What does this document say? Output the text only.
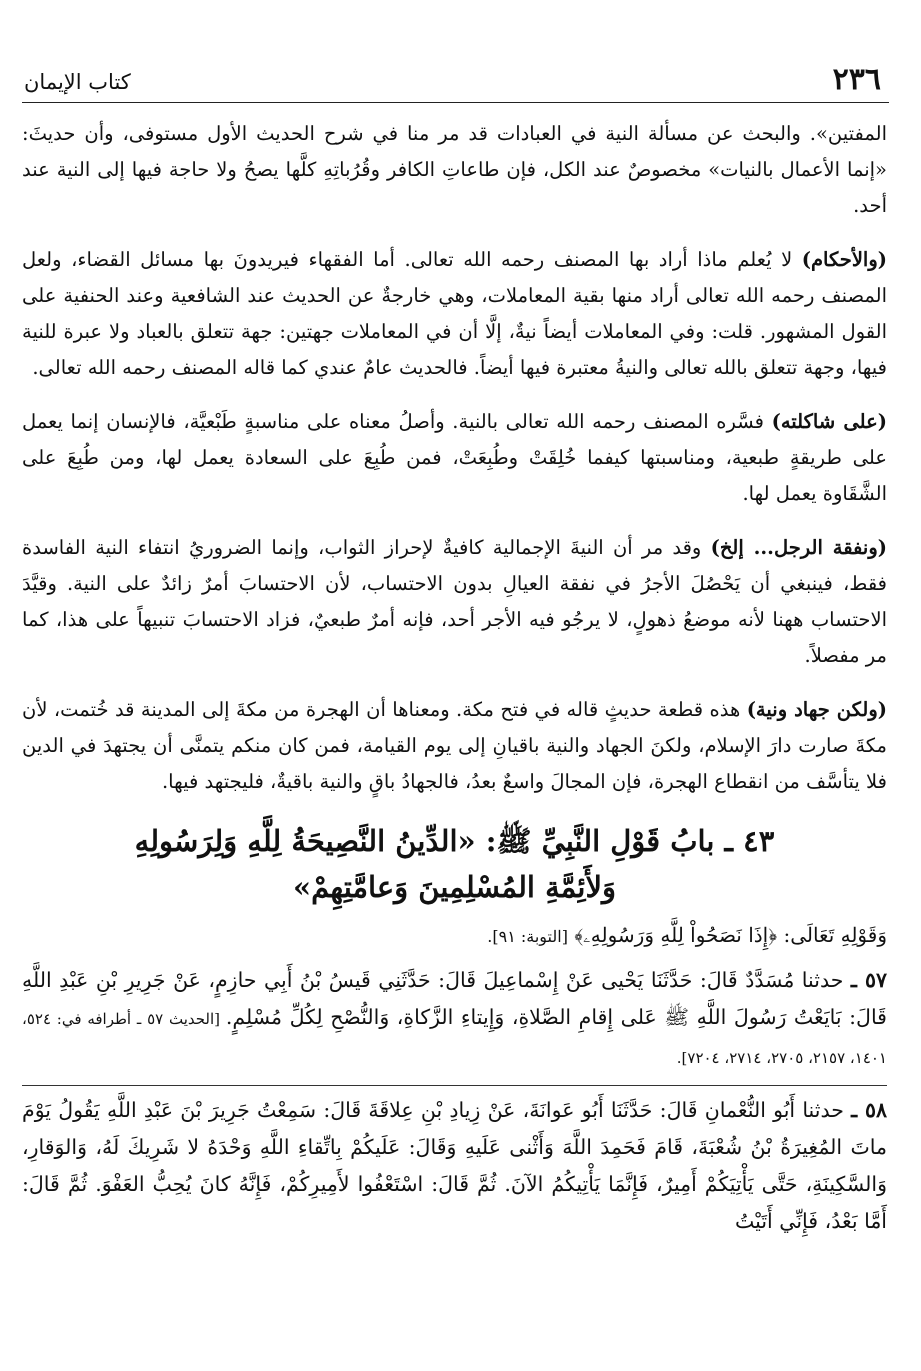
٢٣٦
كتاب الإيمان

المفتين». والبحث عن مسألة النية في العبادات قد مر منا في شرح الحديث الأول مستوفى، وأن حديثَ: «إنما الأعمال بالنيات» مخصوصٌ عند الكل، فإن طاعاتِ الكافر وقُرُباتِهِ كلَّها يصحُ ولا حاجة فيها إلى النية عند أحد.

(والأحكام) لا يُعلم ماذا أراد بها المصنف رحمه الله تعالى. أما الفقهاء فيريدونَ بها مسائل القضاء، ولعل المصنف رحمه الله تعالى أراد منها بقية المعاملات، وهي خارجةٌ عن الحديث عند الشافعية وعند الحنفية على القول المشهور. قلت: وفي المعاملات أيضاً نيةٌ، إلَّا أن في المعاملات جهتين: جهة تتعلق بالعباد ولا عبرة للنية فيها، وجهة تتعلق بالله تعالى والنيةُ معتبرة فيها أيضاً. فالحديث عامٌ عندي كما قاله المصنف رحمه الله تعالى.

(على شاكلته) فسَّره المصنف رحمه الله تعالى بالنية. وأصلُ معناه على مناسبةٍ طَبْعيَّة، فالإنسان إنما يعمل على طريقةٍ طبعية، ومناسبتها كيفما خُلِقَتْ وطُبِعَتْ، فمن طُبِعَ على السعادة يعمل لها، ومن طُبِعَ على الشَّقَاوة يعمل لها.

(ونفقة الرجل... إلخ) وقد مر أن النيةَ الإجمالية كافيةٌ لإحراز الثواب، وإنما الضروريُ انتفاء النية الفاسدة فقط، فينبغي أن يَحْصُلَ الأجرُ في نفقة العيالِ بدون الاحتساب، لأن الاحتسابَ أمرٌ زائدٌ على النية. وقيَّدَ الاحتساب ههنا لأنه موضعُ ذهولٍ، لا يرجُو فيه الأجر أحد، فإنه أمرٌ طبعيٌ، فزاد الاحتسابَ تنبيهاً على هذا، كما مر مفصلاً.

(ولكن جهاد ونية) هذه قطعة حديثٍ قاله في فتح مكة. ومعناها أن الهجرة من مكةَ إلى المدينة قد خُتمت، لأن مكةَ صارت دارَ الإسلام، ولكنَ الجهاد والنية باقيانِ إلى يوم القيامة، فمن كان منكم يتمنَّى أن يجتهدَ في الدين فلا يتأسَّف من انقطاع الهجرة، فإن المجالَ واسعٌ بعدُ، فالجهادُ باقٍ والنية باقيةٌ، فليجتهد فيها.

٤٣ ـ بابُ قَوْلِ النَّبِيِّ ﷺ: «الدِّينُ النَّصِيحَةُ لِلَّهِ وَلِرَسُولِهِ
وَلأَئِمَّةِ المُسْلِمِينَ وَعامَّتِهِمْ»

وَقَوْلِهِ تَعَالَى: ﴿إِذَا نَصَحُواْ لِلَّهِ وَرَسُولِهِۦ﴾ [التوبة: ٩١].

٥٧ ـ حدثنا مُسَدَّدٌ قَالَ: حَدَّثَنَا يَحْيى عَنْ إِسْماعِيلَ قَالَ: حَدَّثَنِي قَيسُ بْنُ أَبِي حازِمٍ، عَنْ جَرِيرِ بْنِ عَبْدِ اللَّهِ قَالَ: بَايَعْتُ رَسُولَ اللَّهِ ﷺ عَلى إِقامِ الصَّلاةِ، وَإِيتاءِ الزَّكاةِ، وَالنُّصْحِ لِكُلِّ مُسْلِمٍ. [الحديث ٥٧ ـ أطرافه في: ٥٢٤، ١٤٠١، ٢١٥٧، ٢٧٠٥، ٢٧١٤، ٧٢٠٤].

٥٨ ـ حدثنا أَبُو النُّعْمانِ قَالَ: حَدَّثَنَا أَبُو عَوانَةَ، عَنْ زِيادِ بْنِ عِلاقَةَ قَالَ: سَمِعْتُ جَرِيرَ بْنَ عَبْدِ اللَّهِ يَقُولُ يَوْمَ ماتَ المُغِيرَةُ بْنُ شُعْبَةَ، قَامَ فَحَمِدَ اللَّهَ وَأَثْنى عَلَيهِ وَقَالَ: عَلَيكُمْ بِاتِّقاءِ اللَّهِ وَحْدَهُ لا شَرِيكَ لَهُ، وَالوَقارِ، وَالسَّكِينَةِ، حَتَّى يَأْتِيَكُمْ أَمِيرٌ، فَإِنَّمَا يَأْتِيكُمُ الآنَ. ثُمَّ قَالَ: اسْتَعْفُوا لأَمِيرِكُمْ، فَإِنَّهُ كانَ يُحِبُّ العَفْوَ. ثُمَّ قَالَ: أَمَّا بَعْدُ، فَإِنِّي أَتَيْتُ
